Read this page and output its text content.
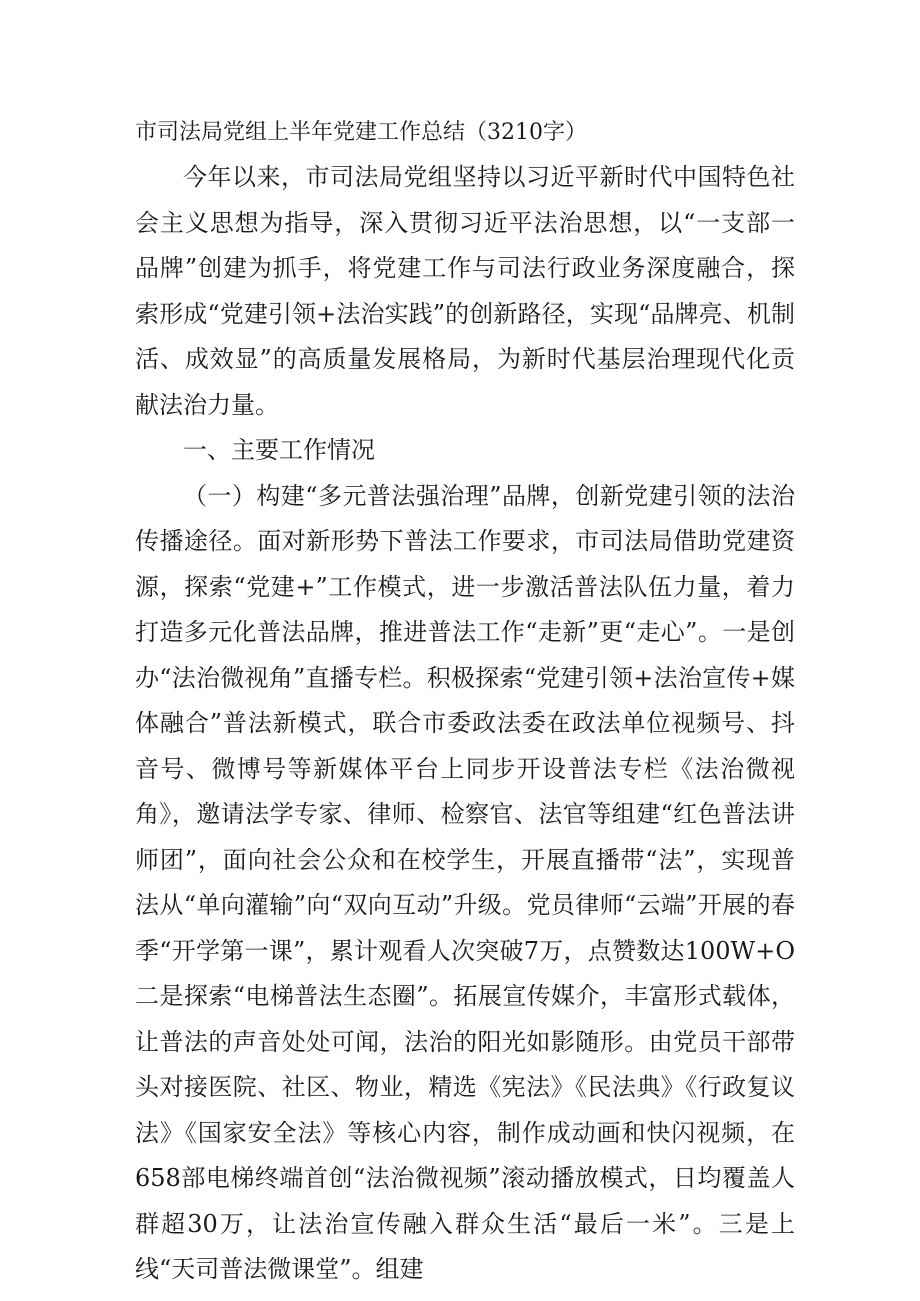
市司法局党组上半年党建工作总结（3210字）

今年以来，市司法局党组坚持以习近平新时代中国特色社会主义思想为指导，深入贯彻习近平法治思想，以“一支部一品牌”创建为抓手，将党建工作与司法行政业务深度融合，探索形成“党建引领+法治实践”的创新路径，实现“品牌亮、机制活、成效显”的高质量发展格局，为新时代基层治理现代化贡献法治力量。

一、主要工作情况

（一）构建“多元普法强治理”品牌，创新党建引领的法治传播途径。面对新形势下普法工作要求，市司法局借助党建资源，探索“党建+”工作模式，进一步激活普法队伍力量，着力打造多元化普法品牌，推进普法工作“走新”更“走心”。一是创办“法治微视角”直播专栏。积极探索“党建引领+法治宣传+媒体融合”普法新模式，联合市委政法委在政法单位视频号、抖音号、微博号等新媒体平台上同步开设普法专栏《法治微视角》，邀请法学专家、律师、检察官、法官等组建“红色普法讲师团”，面向社会公众和在校学生，开展直播带“法”，实现普法从“单向灌输”向“双向互动”升级。党员律师“云端”开展的春季“开学第一课”，累计观看人次突破7万，点赞数达100W+O二是探索“电梯普法生态圈”。拓展宣传媒介，丰富形式载体，让普法的声音处处可闻，法治的阳光如影随形。由党员干部带头对接医院、社区、物业，精选《宪法》《民法典》《行政复议法》《国家安全法》等核心内容，制作成动画和快闪视频，在658部电梯终端首创“法治微视频”滚动播放模式，日均覆盖人群超30万，让法治宣传融入群众生活“最后一米”。三是上线“天司普法微课堂”。组建
